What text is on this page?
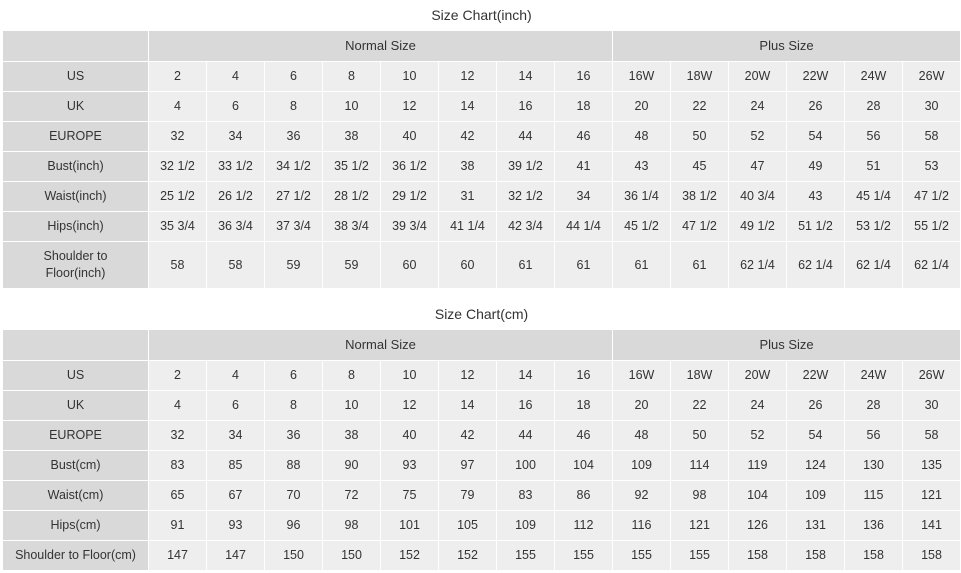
Size Chart(inch)														
	Normal Size								Plus Size					
US	2	4	6	8	10	12	14	16	16W	18W	20W	22W	24W	26W
UK	4	6	8	10	12	14	16	18	20	22	24	26	28	30
EUROPE	32	34	36	38	40	42	44	46	48	50	52	54	56	58
Bust(inch)	32 1/2	33 1/2	34 1/2	35 1/2	36 1/2	38	39 1/2	41	43	45	47	49	51	53
Waist(inch)	25 1/2	26 1/2	27 1/2	28 1/2	29 1/2	31	32 1/2	34	36 1/4	38 1/2	40 3/4	43	45 1/4	47 1/2
Hips(inch)	35 3/4	36 3/4	37 3/4	38 3/4	39 3/4	41 1/4	42 3/4	44 1/4	45 1/2	47 1/2	49 1/2	51 1/2	53 1/2	55 1/2

Shoulder to
Floor(inch)	58	58	59	59	60	60	61	61	61	61	62 1/4	62 1/4	62 1/4	62 1/4
Size Chart(cm)														
	Normal Size								Plus Size					
US	2	4	6	8	10	12	14	16	16W	18W	20W	22W	24W	26W
UK	4	6	8	10	12	14	16	18	20	22	24	26	28	30
EUROPE	32	34	36	38	40	42	44	46	48	50	52	54	56	58
Bust(cm)	83	85	88	90	93	97	100	104	109	114	119	124	130	135
Waist(cm)	65	67	70	72	75	79	83	86	92	98	104	109	115	121
Hips(cm)	91	93	96	98	101	105	109	112	116	121	126	131	136	141
Shoulder to Floor(cm)	147	147	150	150	152	152	155	155	155	155	158	158	158	158
